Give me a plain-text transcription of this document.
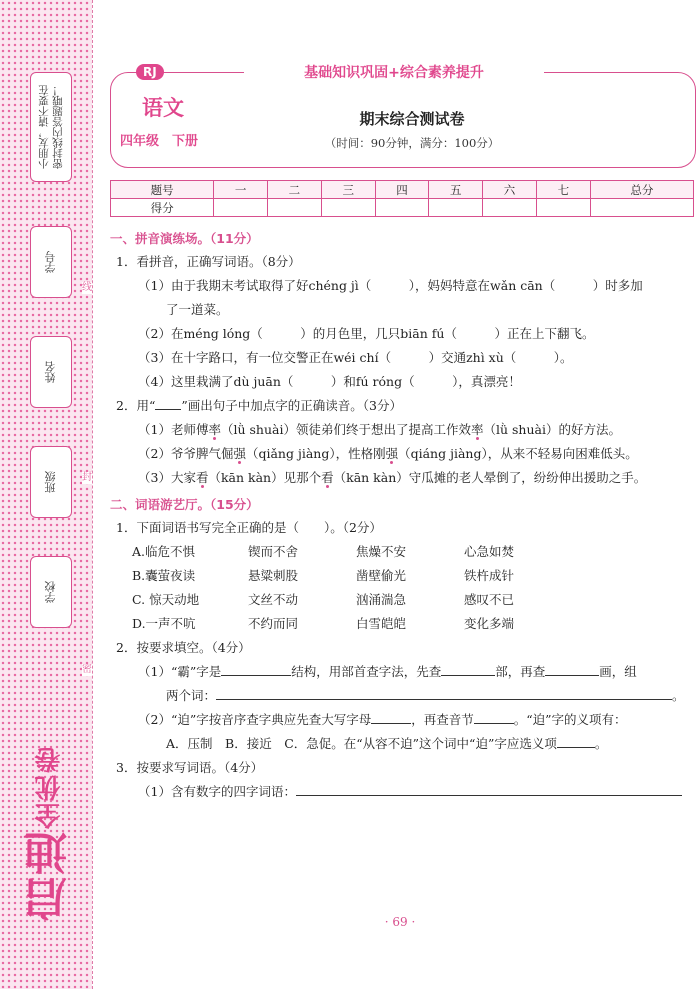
小朋友，请不要在 密封线内答题哦！
学号
姓名
班级
学校
启迪全优卷
线
封
密
RJ	基础知识巩固+综合素养提升
语文
四年级　下册
期末综合测试卷
（时间：90分钟，满分：100分）
题号	一	二	三	四	五	六	七	总分
得分								

一、拼音演练场。（11分）

1．看拼音，正确写词语。（8分）

（1）由于我期末考试取得了好chéng jì（　　　），妈妈特意在wǎn cān（　　　）时多加

了一道菜。

（2）在méng lóng（　　　）的月色里，几只biān fú（　　　）正在上下翻飞。

（3）在十字路口，有一位交警正在wéi chí（　　　）交通zhì xù（　　　）。

（4）这里栽满了dù juān（　　　）和fú róng（　　　），真漂亮！

2．用“ ”画出句子中加点字的正确读音。（3分）

（1）老师傅率（lǜ shuài）领徒弟们终于想出了提高工作效率（lǜ shuài）的好方法。

（2）爷爷脾气倔强（qiǎng jiàng），性格刚强（qiáng jiàng），从来不轻易向困难低头。

（3）大家看（kān kàn）见那个看（kān kàn）守瓜摊的老人晕倒了，纷纷伸出援助之手。

二、词语游艺厅。（15分）

1．下面词语书写完全正确的是（　　）。（2分）

A.临危不惧	锲而不舍	焦燥不安	心急如焚
B.囊萤夜读	悬粱刺股	凿壁偷光	铁杵成针
C. 惊天动地	文丝不动	汹涌湍急	感叹不已
D.一声不吭	不约而同	白雪皑皑	变化多端

2．按要求填空。（4分）

（1）“霸”字是	结构，用部首查字法，先查	部，再查	画，组

两个词：	。

（2）“迫”字按音序查字典应先查大写字母	，再查音节	。“迫”字的义项有：

A．压制　B．接近　C．急促。在“从容不迫”这个词中“迫”字应选义项	。

3．按要求写词语。（4分）

（1）含有数字的四字词语：

· 69 ·
